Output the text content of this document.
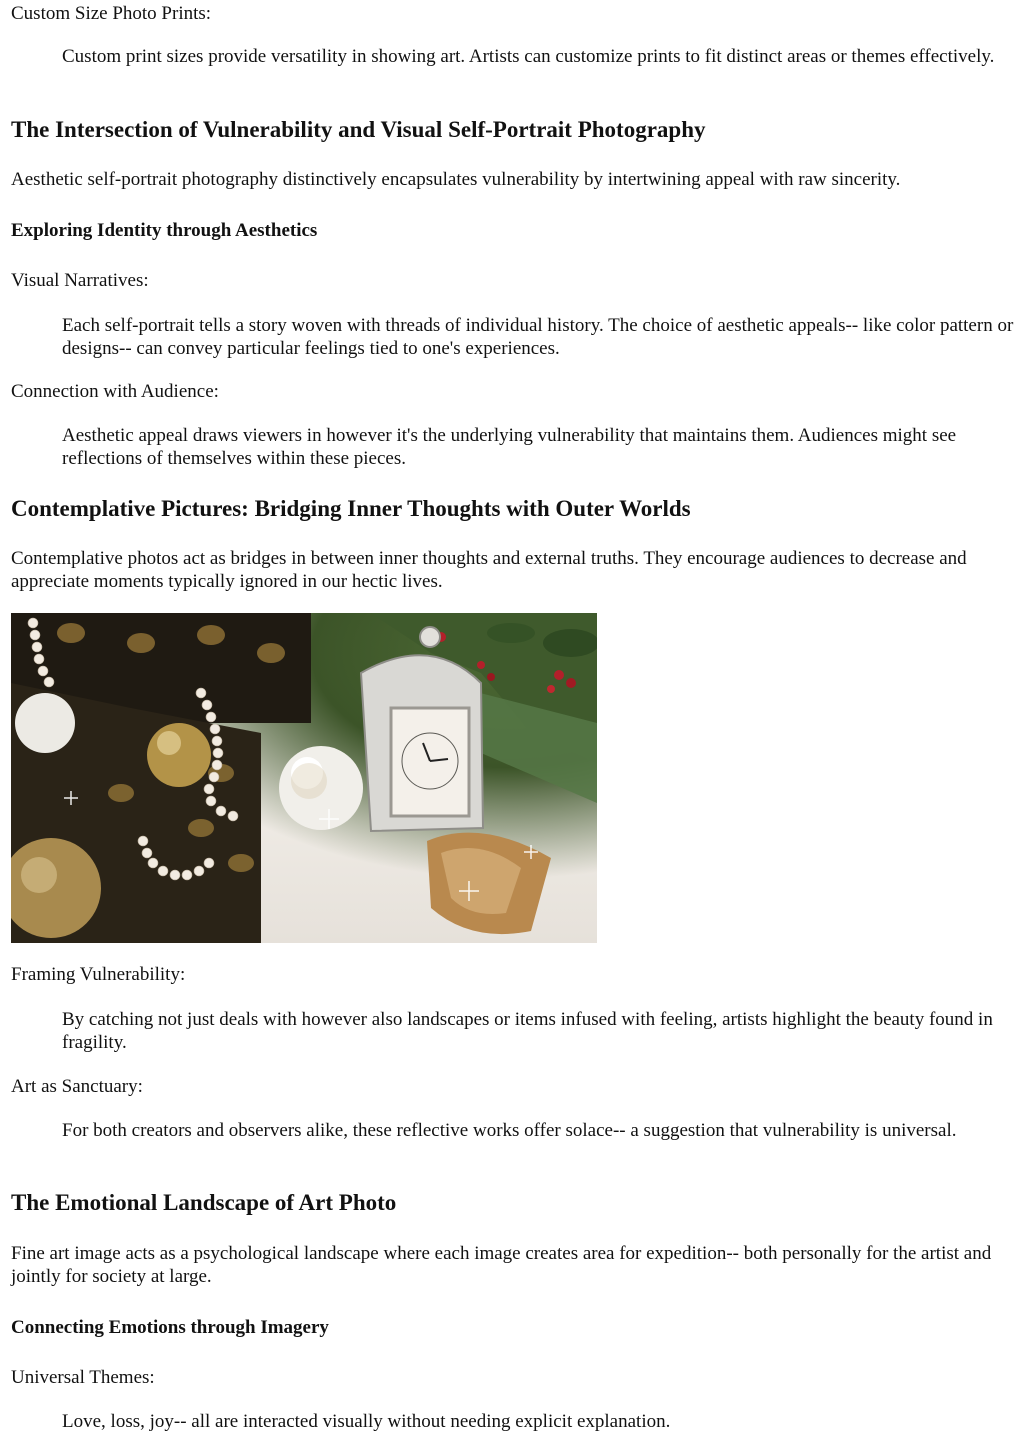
Custom Size Photo Prints:

Custom print sizes provide versatility in showing art. Artists can customize prints to fit distinct areas or themes effectively.

The Intersection of Vulnerability and Visual Self-Portrait Photography

Aesthetic self-portrait photography distinctively encapsulates vulnerability by intertwining appeal with raw sincerity.

Exploring Identity through Aesthetics

Visual Narratives:

Each self-portrait tells a story woven with threads of individual history. The choice of aesthetic appeals-- like color pattern or designs-- can convey particular feelings tied to one's experiences.

Connection with Audience:

Aesthetic appeal draws viewers in however it's the underlying vulnerability that maintains them. Audiences might see reflections of themselves within these pieces.

Contemplative Pictures: Bridging Inner Thoughts with Outer Worlds

Contemplative photos act as bridges in between inner thoughts and external truths. They encourage audiences to decrease and appreciate moments typically ignored in our hectic lives.

Framing Vulnerability:

By catching not just deals with however also landscapes or items infused with feeling, artists highlight the beauty found in fragility.

Art as Sanctuary:

For both creators and observers alike, these reflective works offer solace-- a suggestion that vulnerability is universal.

The Emotional Landscape of Art Photo

Fine art image acts as a psychological landscape where each image creates area for expedition-- both personally for the artist and jointly for society at large.

Connecting Emotions through Imagery

Universal Themes:

Love, loss, joy-- all are interacted visually without needing explicit explanation.
